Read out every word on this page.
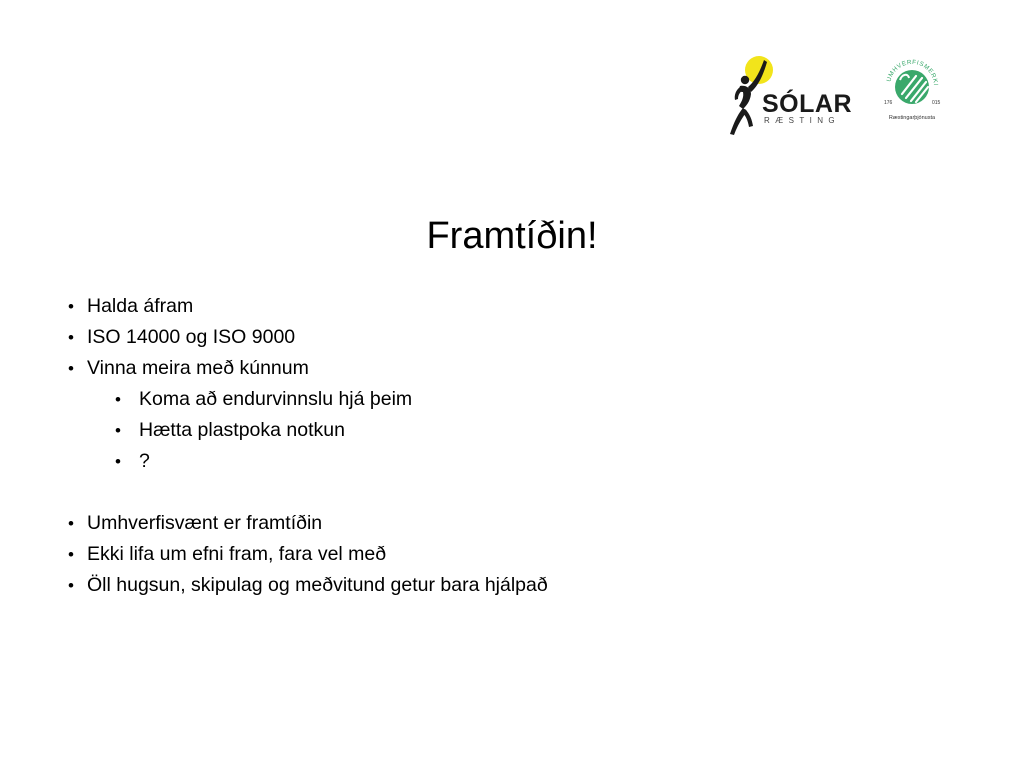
SÓLAR
RÆSTING
UMHVERFISMERKI
176	015
Ræstingarþjónusta
Framtíðin!
• Halda áfram
• ISO 14000 og ISO 9000
• Vinna meira með kúnnum
• Koma að endurvinnslu hjá þeim
• Hætta plastpoka notkun
• ?
• Umhverfisvænt er framtíðin
• Ekki lifa um efni fram, fara vel með
• Öll hugsun, skipulag og meðvitund getur bara hjálpað
